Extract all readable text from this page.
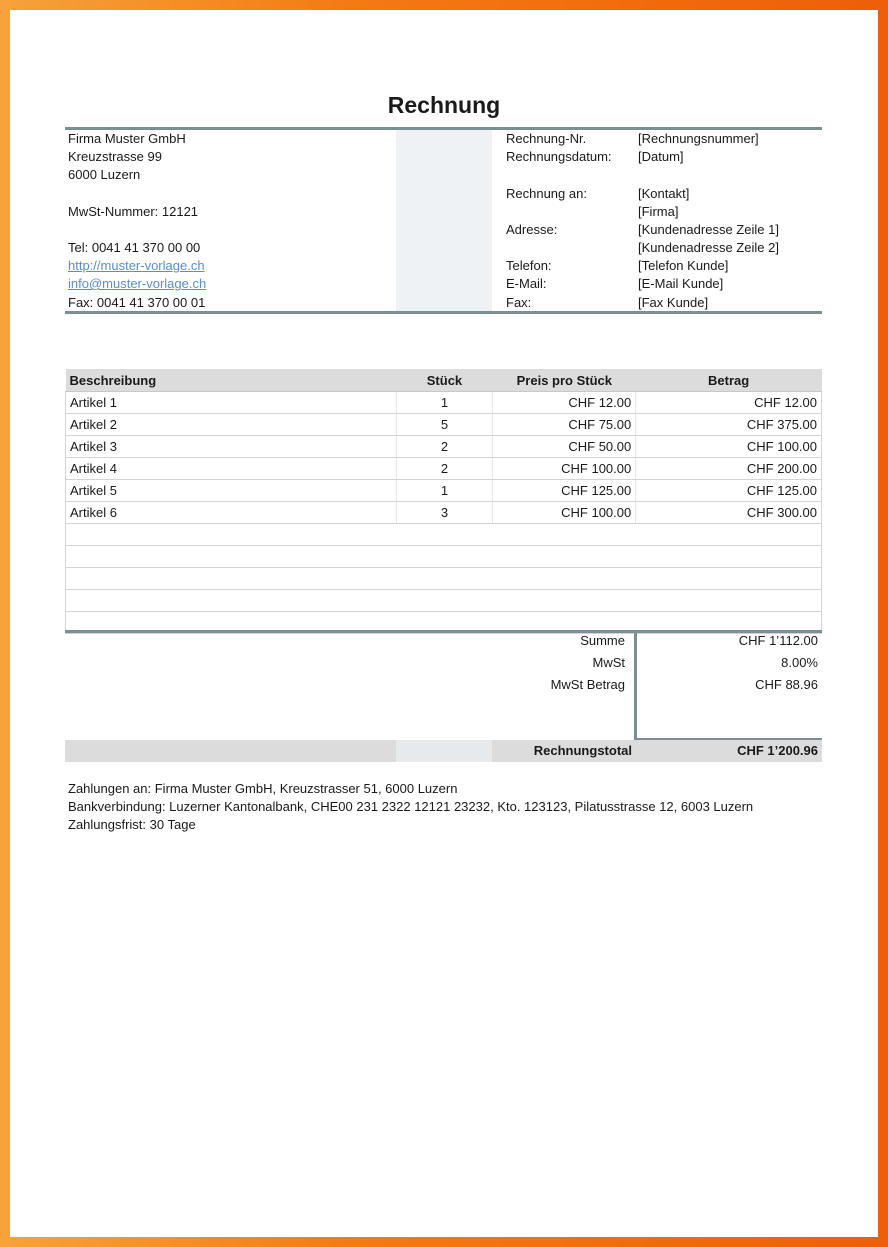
Rechnung
Firma Muster GmbH
Kreuzstrasse 99
6000 Luzern
MwSt-Nummer: 12121
Tel: 0041 41 370 00 00
http://muster-vorlage.ch
info@muster-vorlage.ch
Fax: 0041 41 370 00 01
Rechnung-Nr.	[Rechnungsnummer]
Rechnungsdatum: [Datum]
Rechnung an:	[Kontakt]
[Firma]
Adresse:	[Kundenadresse Zeile 1]
[Kundenadresse Zeile 2]
Telefon:	[Telefon Kunde]
E-Mail:	[E-Mail Kunde]
Fax:	[Fax Kunde]
Beschreibung	Stück	Preis pro Stück	Betrag
Artikel 1	1	CHF 12.00	CHF 12.00
Artikel 2	5	CHF 75.00	CHF 375.00
Artikel 3	2	CHF 50.00	CHF 100.00
Artikel 4	2	CHF 100.00	CHF 200.00
Artikel 5	1	CHF 125.00	CHF 125.00
Artikel 6	3	CHF 100.00	CHF 300.00

Summe	CHF 1’112.00
MwSt	8.00%
MwSt Betrag	CHF 88.96
Rechnungstotal	CHF 1’200.96
Zahlungen an: Firma Muster GmbH, Kreuzstrasser 51, 6000 Luzern
Bankverbindung: Luzerner Kantonalbank, CHE00 231 2322 12121 23232, Kto. 123123, Pilatusstrasse 12, 6003 Luzern
Zahlungsfrist: 30 Tage
